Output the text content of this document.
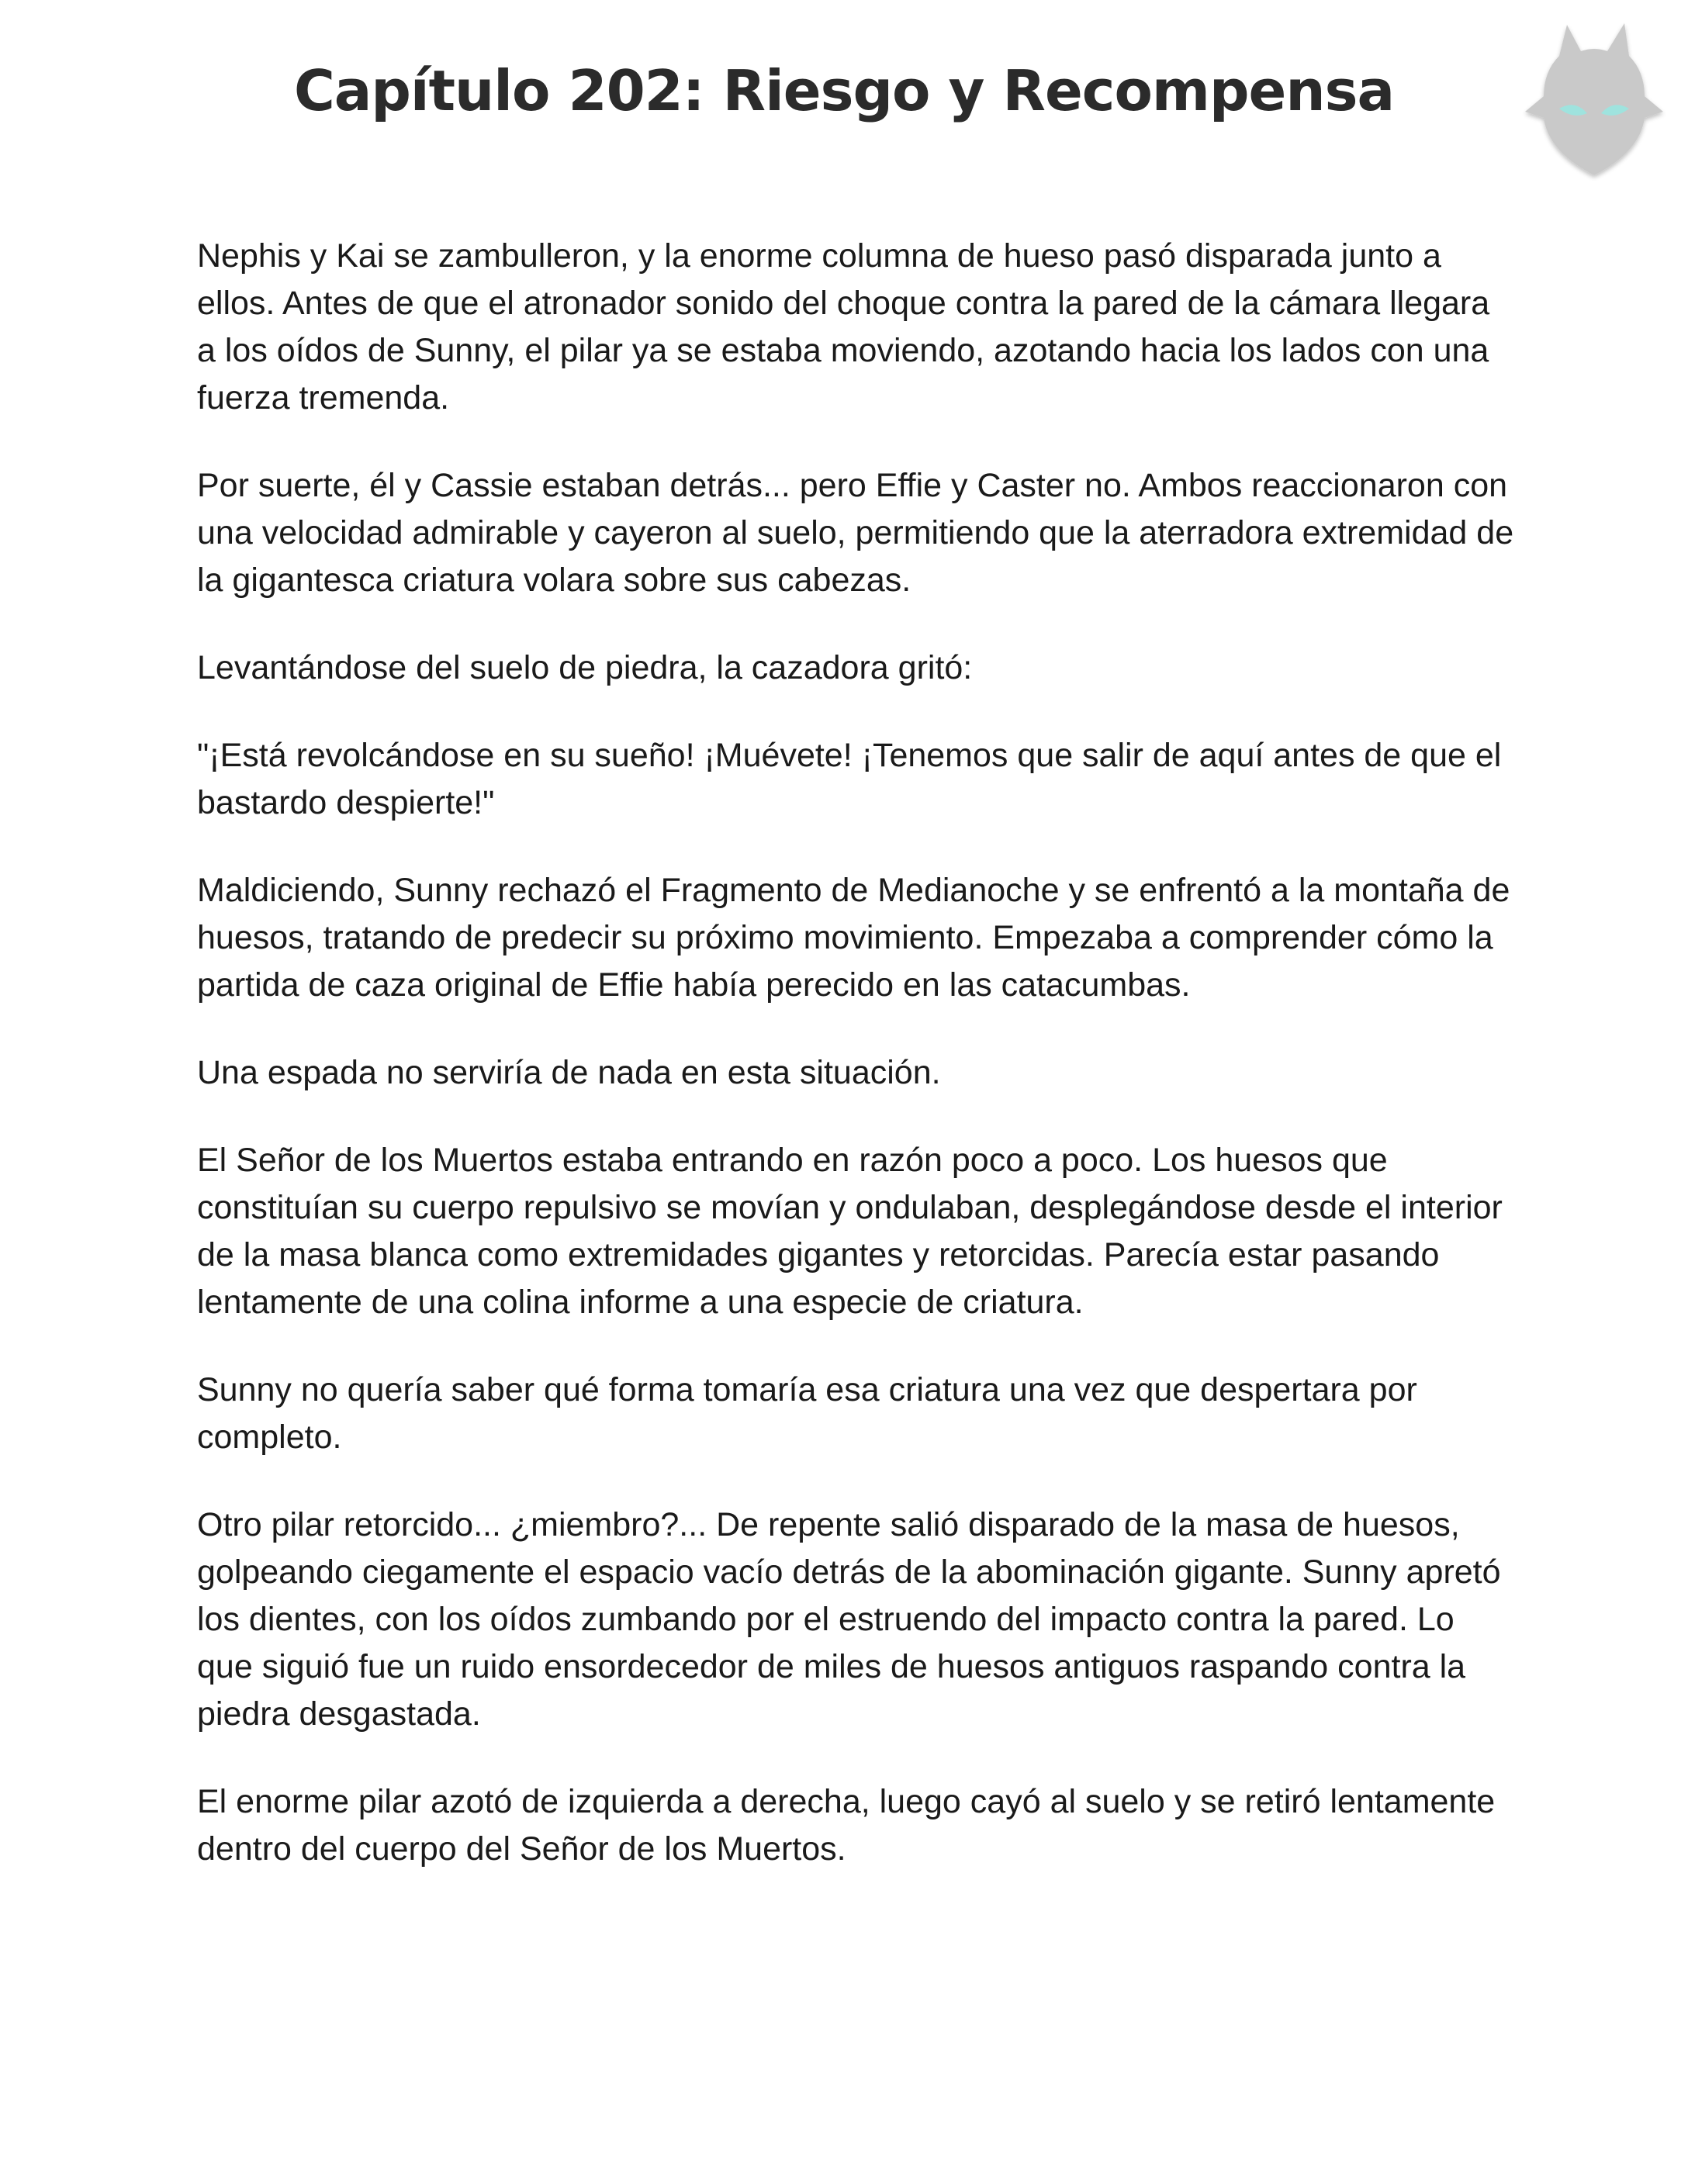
Capítulo 202: Riesgo y Recompensa

Nephis y Kai se zambulleron, y la enorme columna de hueso pasó disparada junto a ellos. Antes de que el atronador sonido del choque contra la pared de la cámara llegara a los oídos de Sunny, el pilar ya se estaba moviendo, azotando hacia los lados con una fuerza tremenda.

Por suerte, él y Cassie estaban detrás... pero Effie y Caster no. Ambos reaccionaron con una velocidad admirable y cayeron al suelo, permitiendo que la aterradora extremidad de la gigantesca criatura volara sobre sus cabezas.

Levantándose del suelo de piedra, la cazadora gritó:

"¡Está revolcándose en su sueño! ¡Muévete! ¡Tenemos que salir de aquí antes de que el bastardo despierte!"

Maldiciendo, Sunny rechazó el Fragmento de Medianoche y se enfrentó a la montaña de huesos, tratando de predecir su próximo movimiento. Empezaba a comprender cómo la partida de caza original de Effie había perecido en las catacumbas.

Una espada no serviría de nada en esta situación.

El Señor de los Muertos estaba entrando en razón poco a poco. Los huesos que constituían su cuerpo repulsivo se movían y ondulaban, desplegándose desde el interior de la masa blanca como extremidades gigantes y retorcidas. Parecía estar pasando lentamente de una colina informe a una especie de criatura.

Sunny no quería saber qué forma tomaría esa criatura una vez que despertara por completo.

Otro pilar retorcido... ¿miembro?... De repente salió disparado de la masa de huesos, golpeando ciegamente el espacio vacío detrás de la abominación gigante. Sunny apretó los dientes, con los oídos zumbando por el estruendo del impacto contra la pared. Lo que siguió fue un ruido ensordecedor de miles de huesos antiguos raspando contra la piedra desgastada.

El enorme pilar azotó de izquierda a derecha, luego cayó al suelo y se retiró lentamente dentro del cuerpo del Señor de los Muertos.
